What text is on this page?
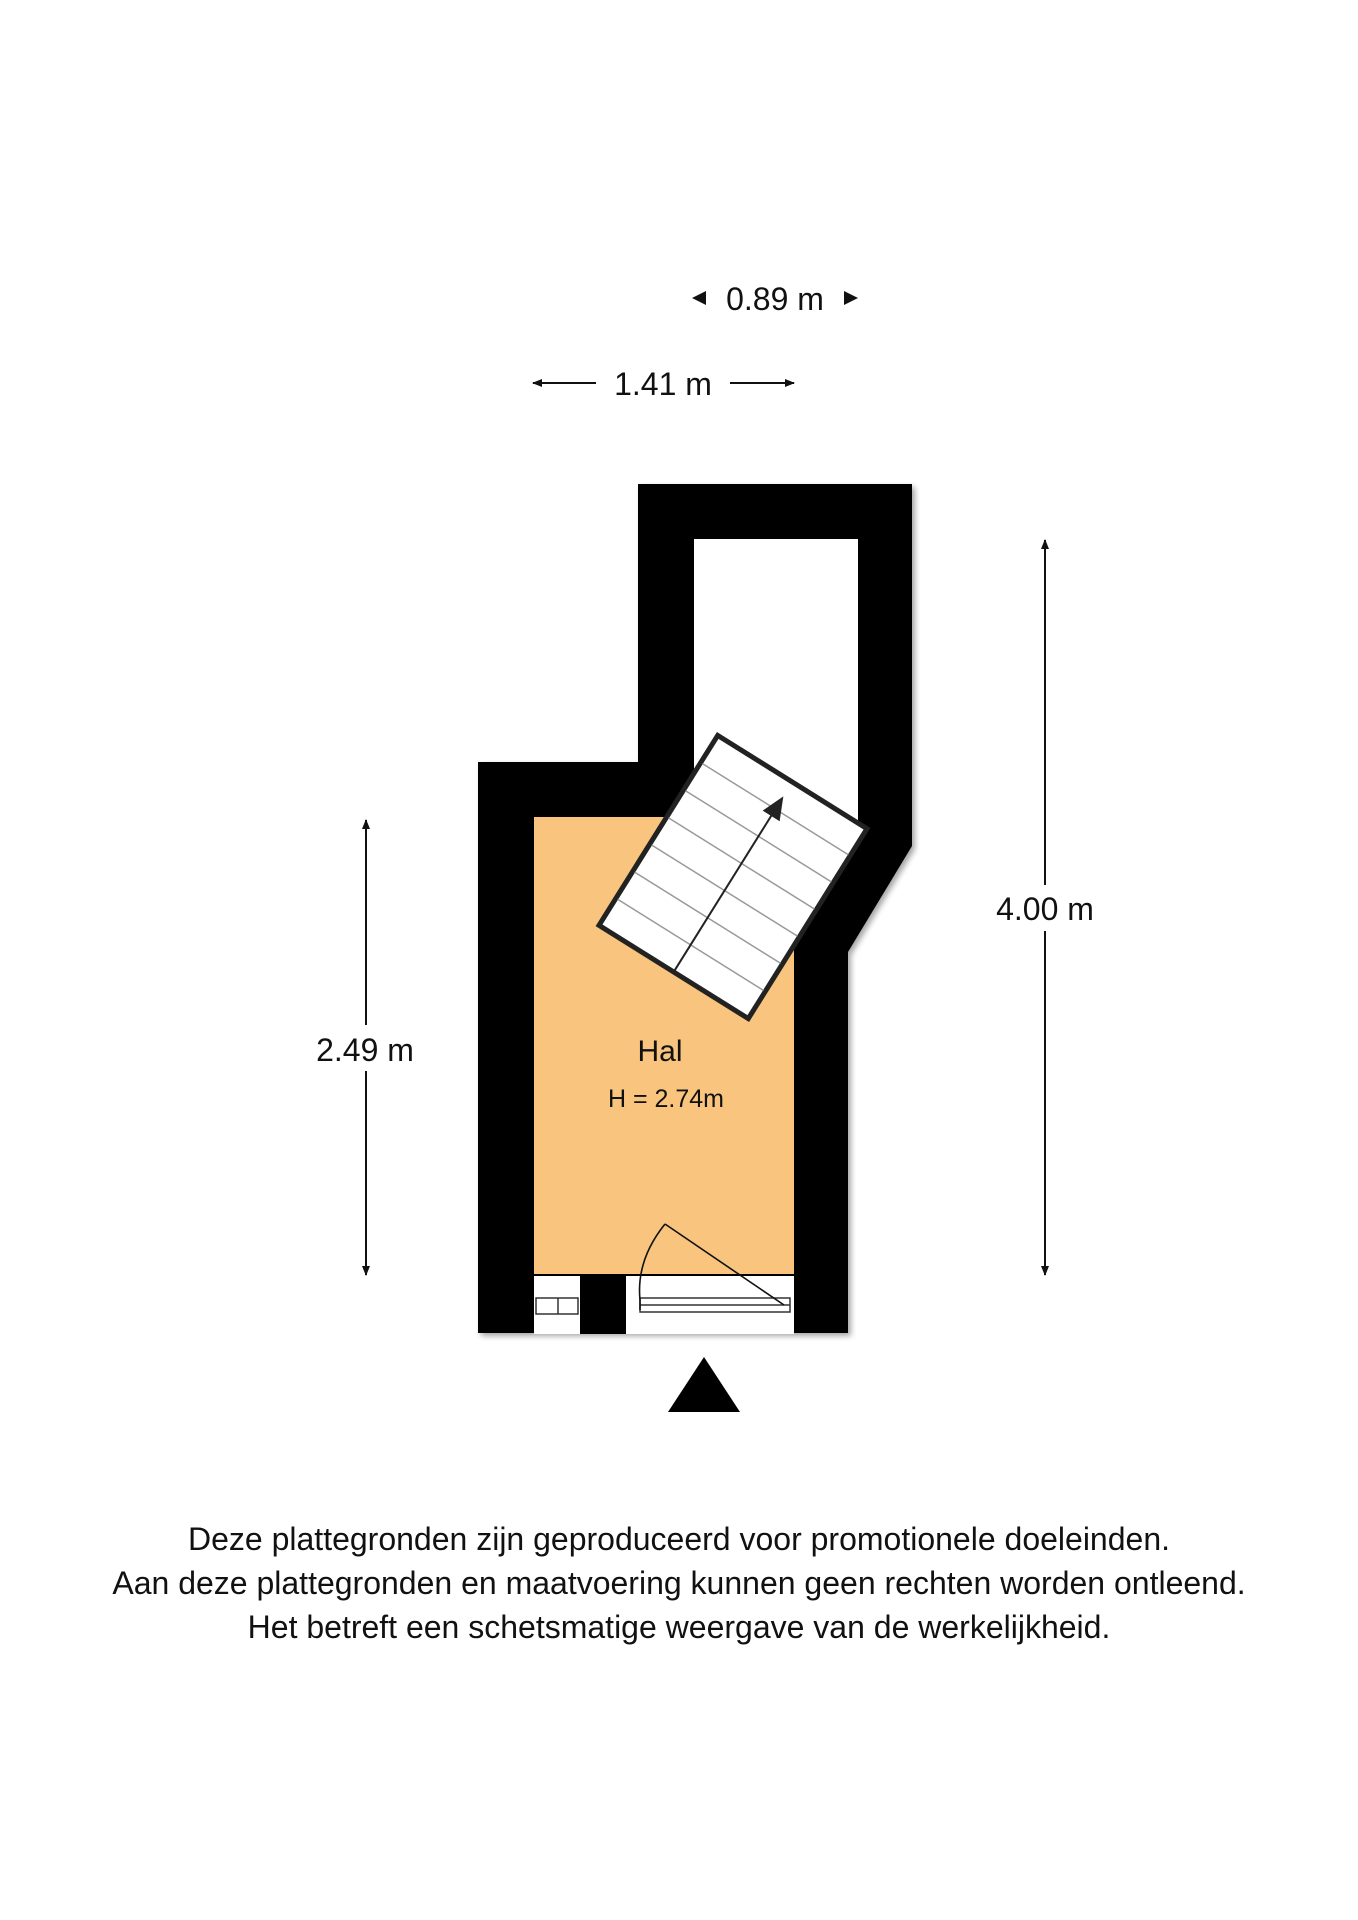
0.89 m
1.41 m
2.49 m
4.00 m
Hal
H = 2.74m
Deze plattegronden zijn geproduceerd voor promotionele doeleinden.
Aan deze plattegronden en maatvoering kunnen geen rechten worden ontleend.
Het betreft een schetsmatige weergave van de werkelijkheid.
